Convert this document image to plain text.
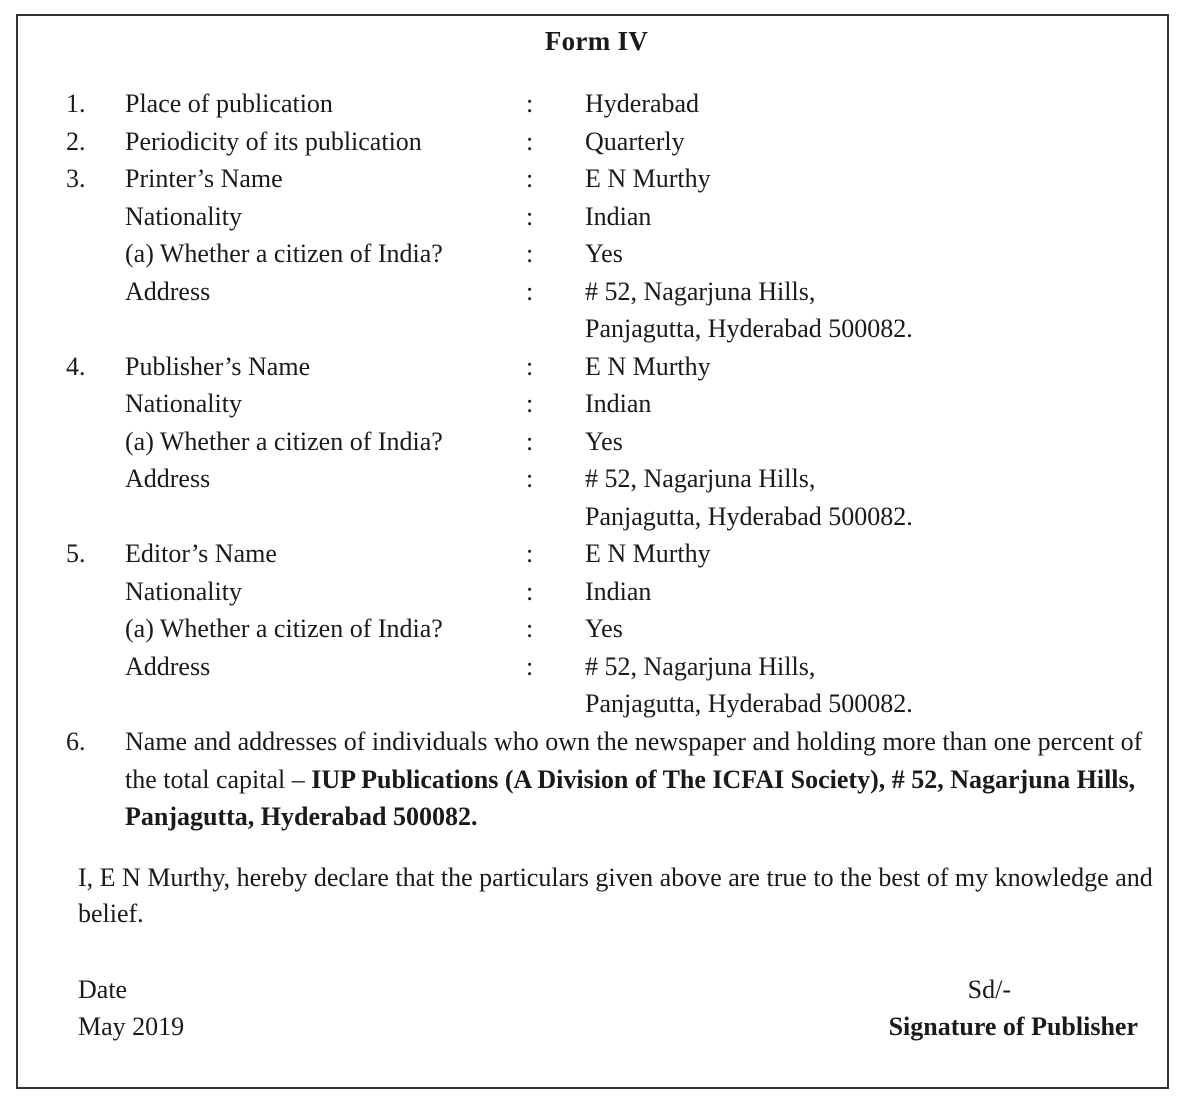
Form IV
1. Place of publication	: Hyderabad
2. Periodicity of its publication	: Quarterly
3. Printer’s Name	: E N Murthy
Nationality	: Indian
(a) Whether a citizen of India?	: Yes
Address	: # 52, Nagarjuna Hills,
Panjagutta, Hyderabad 500082.
4. Publisher’s Name	: E N Murthy
Nationality	: Indian
(a) Whether a citizen of India?	: Yes
Address	: # 52, Nagarjuna Hills,
Panjagutta, Hyderabad 500082.
5. Editor’s Name	: E N Murthy
Nationality	: Indian
(a) Whether a citizen of India?	: Yes
Address	: # 52, Nagarjuna Hills,
Panjagutta, Hyderabad 500082.
6. Name and addresses of individuals who own the newspaper and holding more than one percent of the total capital – IUP Publications (A Division of The ICFAI Society), # 52, Nagarjuna Hills, Panjagutta, Hyderabad 500082.
I, E N Murthy, hereby declare that the particulars given above are true to the best of my knowledge and belief.
Date
May 2019
Sd/-
Signature of Publisher
